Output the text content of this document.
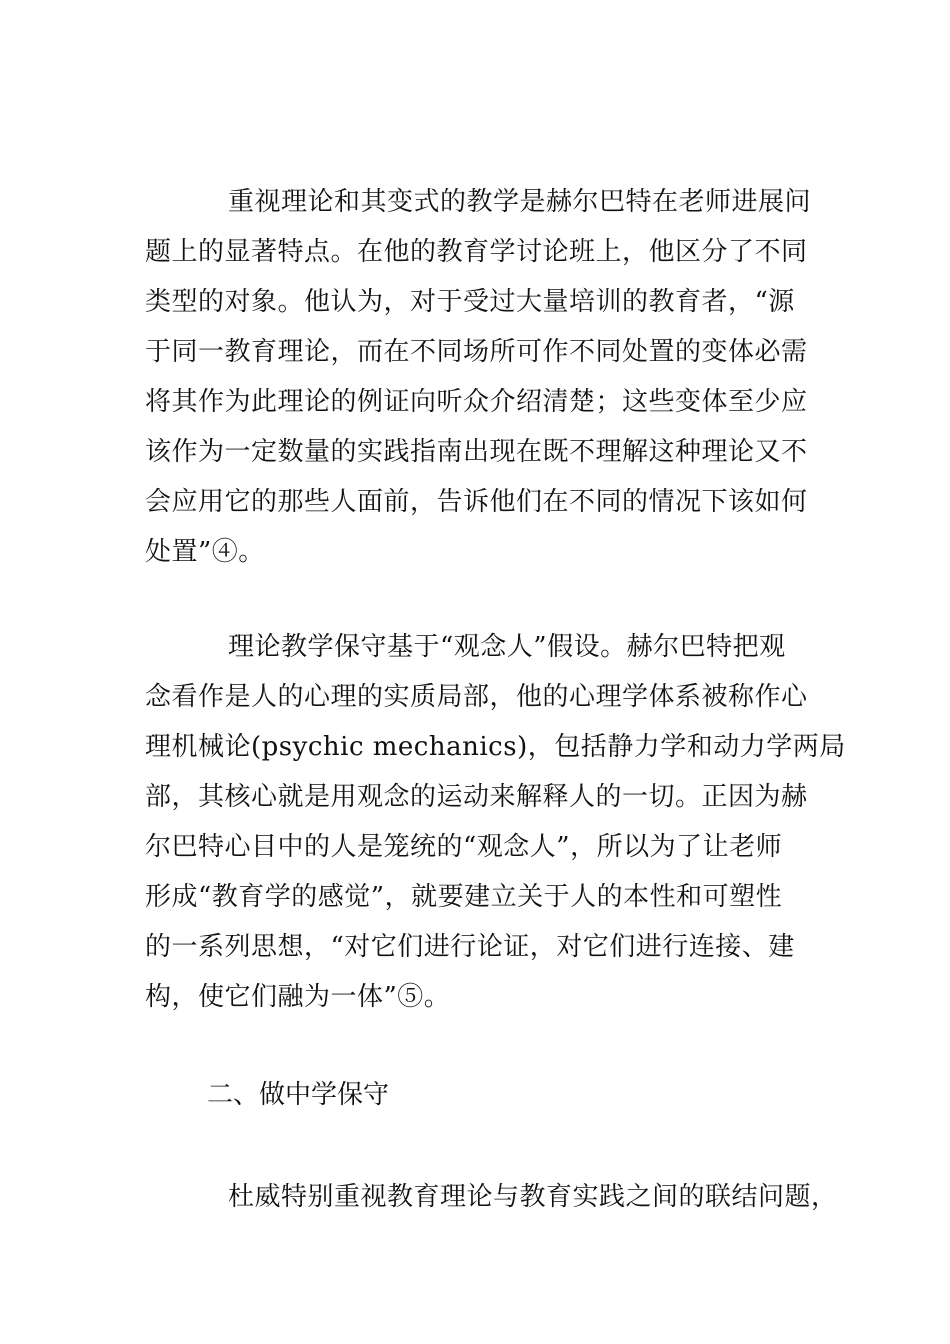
重视理论和其变式的教学是赫尔巴特在老师进展问
题上的显著特点。在他的教育学讨论班上，他区分了不同
类型的对象。他认为，对于受过大量培训的教育者，“源
于同一教育理论，而在不同场所可作不同处置的变体必需
将其作为此理论的例证向听众介绍清楚；这些变体至少应
该作为一定数量的实践指南出现在既不理解这种理论又不
会应用它的那些人面前，告诉他们在不同的情况下该如何
处置”④。
理论教学保守基于“观念人”假设。赫尔巴特把观
念看作是人的心理的实质局部，他的心理学体系被称作心
理机械论(psychic mechanics)，包括静力学和动力学两局
部，其核心就是用观念的运动来解释人的一切。正因为赫
尔巴特心目中的人是笼统的“观念人”，所以为了让老师
形成“教育学的感觉”，就要建立关于人的本性和可塑性
的一系列思想，“对它们进行论证，对它们进行连接、建
构，使它们融为一体”⑤。
二、做中学保守
杜威特别重视教育理论与教育实践之间的联结问题，
